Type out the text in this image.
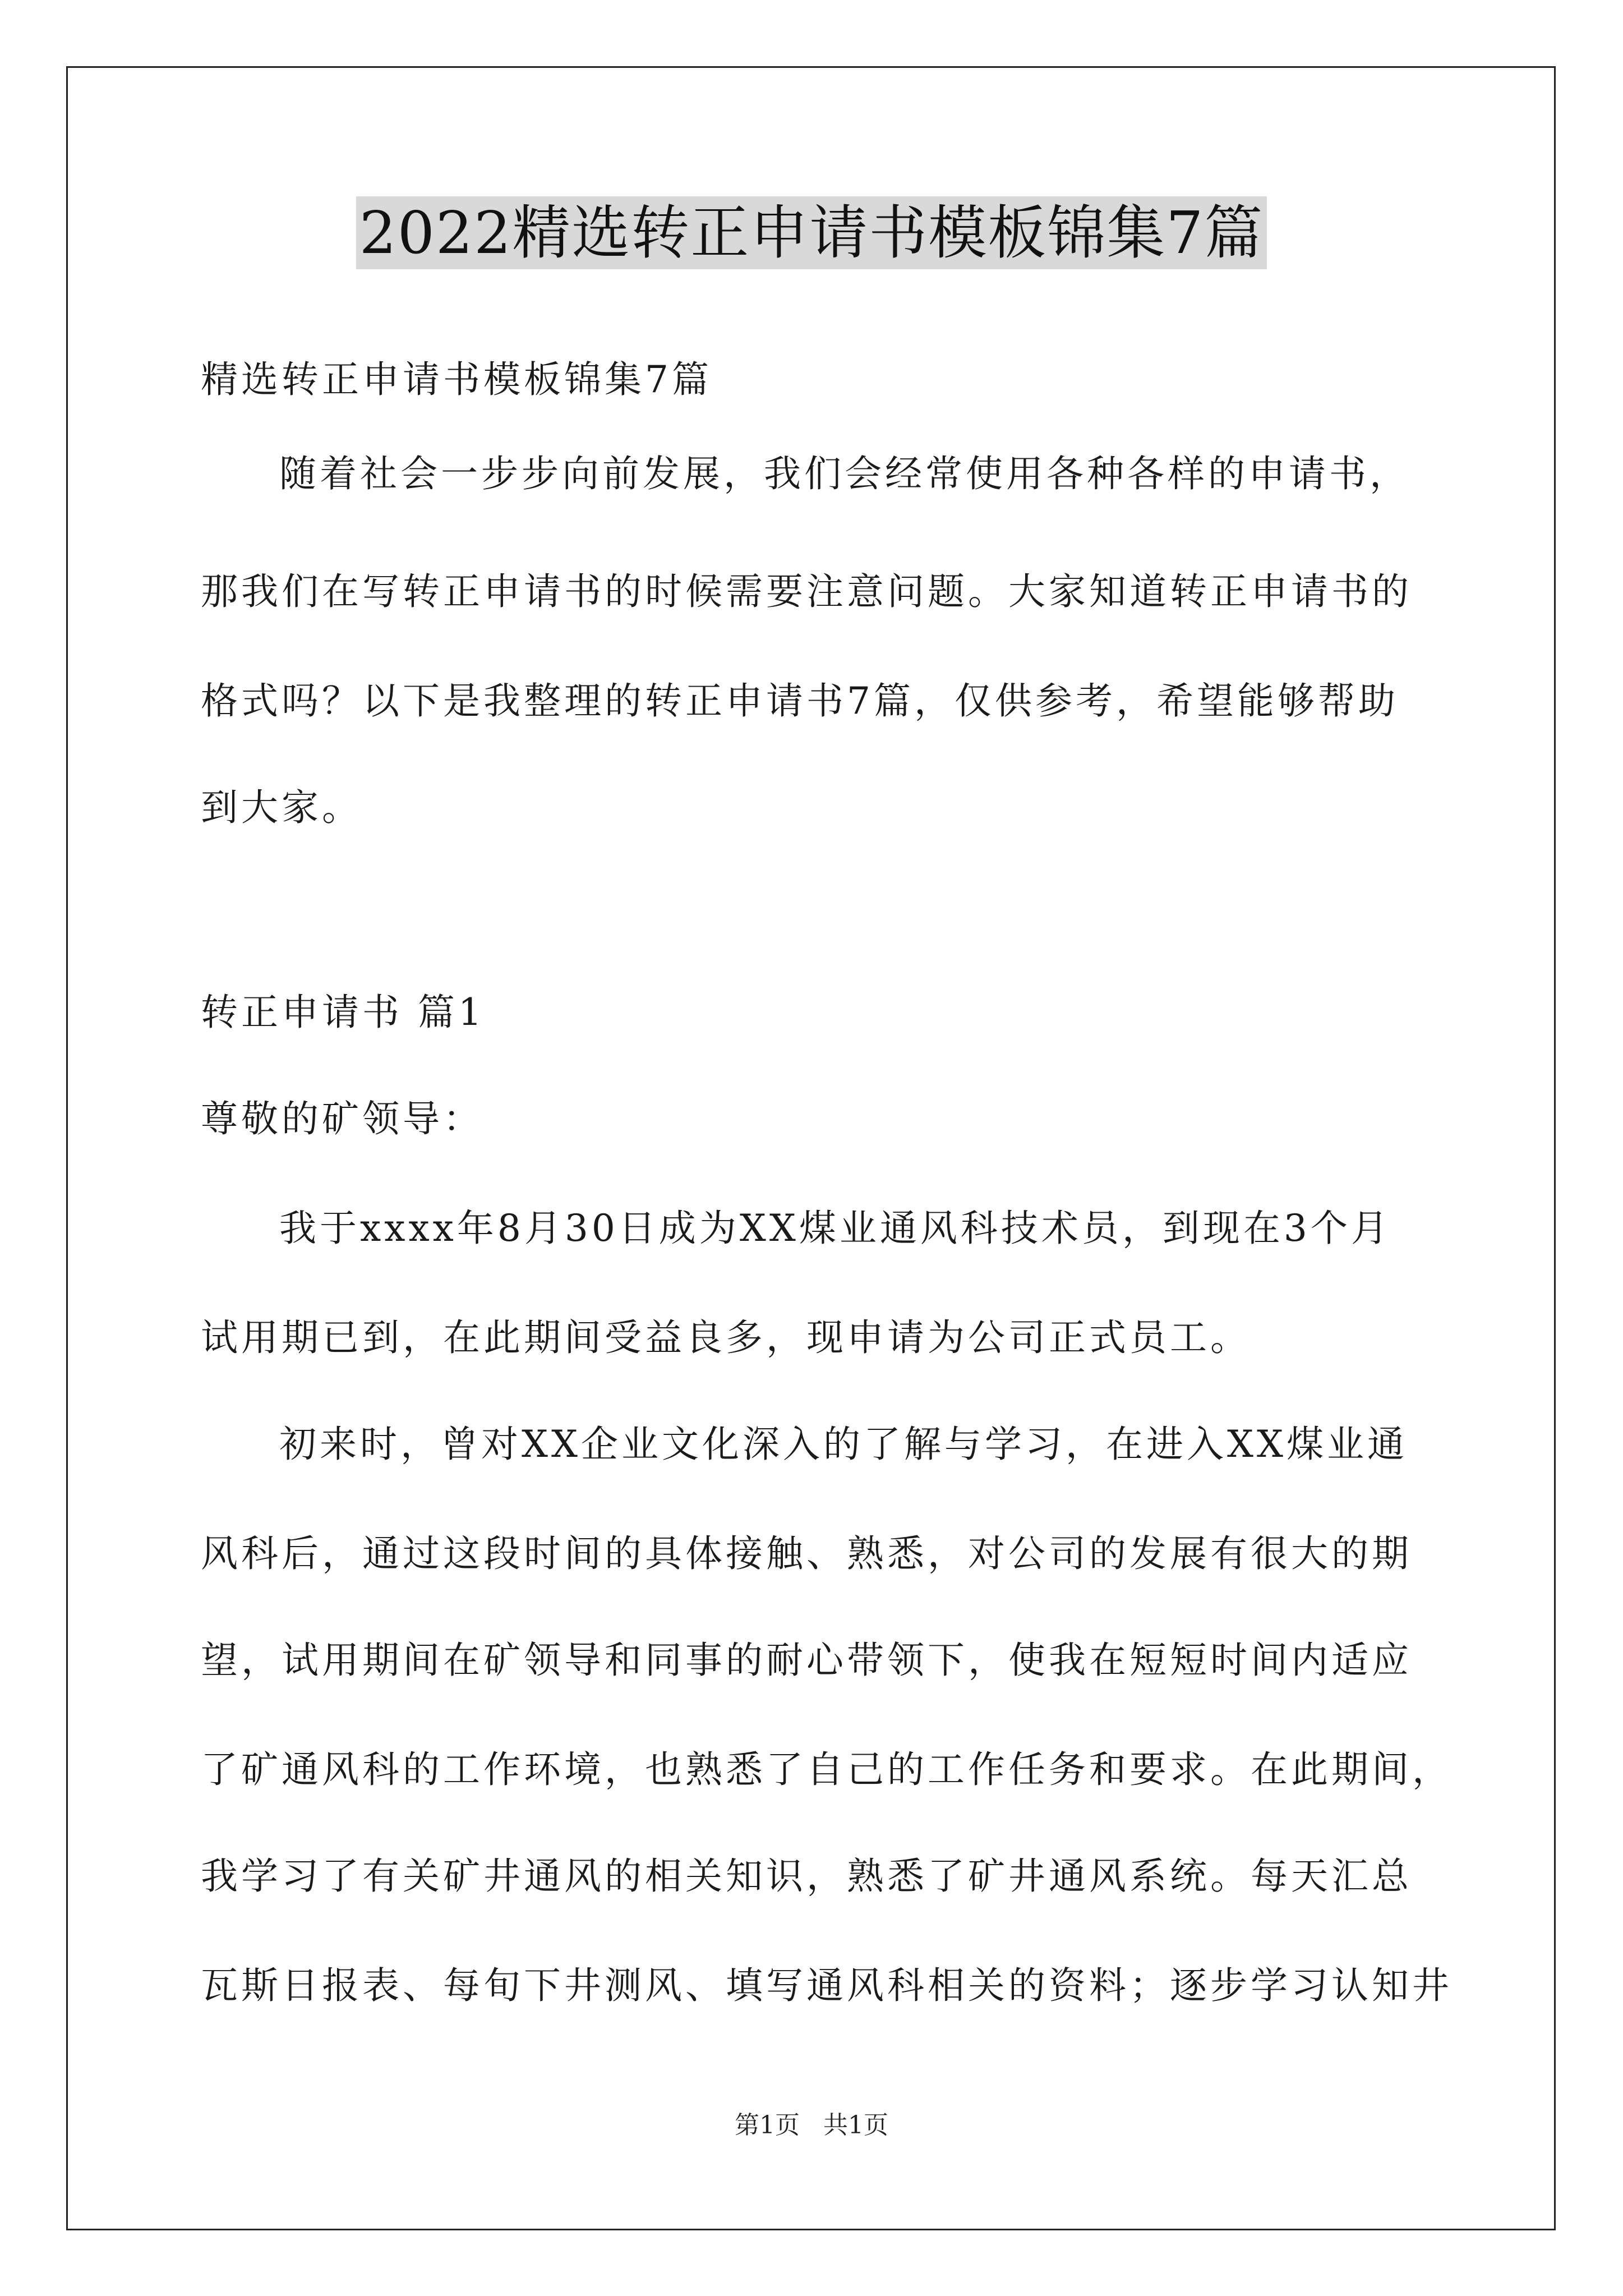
2022精选转正申请书模板锦集7篇
精选转正申请书模板锦集7篇
随着社会一步步向前发展，我们会经常使用各种各样的申请书，
那我们在写转正申请书的时候需要注意问题。大家知道转正申请书的
格式吗？以下是我整理的转正申请书7篇，仅供参考，希望能够帮助
到大家。
转正申请书 篇1
尊敬的矿领导：
我于xxxx年8月30日成为XX煤业通风科技术员，到现在3个月
试用期已到，在此期间受益良多，现申请为公司正式员工。
初来时，曾对XX企业文化深入的了解与学习，在进入XX煤业通
风科后，通过这段时间的具体接触、熟悉，对公司的发展有很大的期
望，试用期间在矿领导和同事的耐心带领下，使我在短短时间内适应
了矿通风科的工作环境，也熟悉了自己的工作任务和要求。在此期间，
我学习了有关矿井通风的相关知识，熟悉了矿井通风系统。每天汇总
瓦斯日报表、每旬下井测风、填写通风科相关的资料；逐步学习认知井
第1页 共1页
